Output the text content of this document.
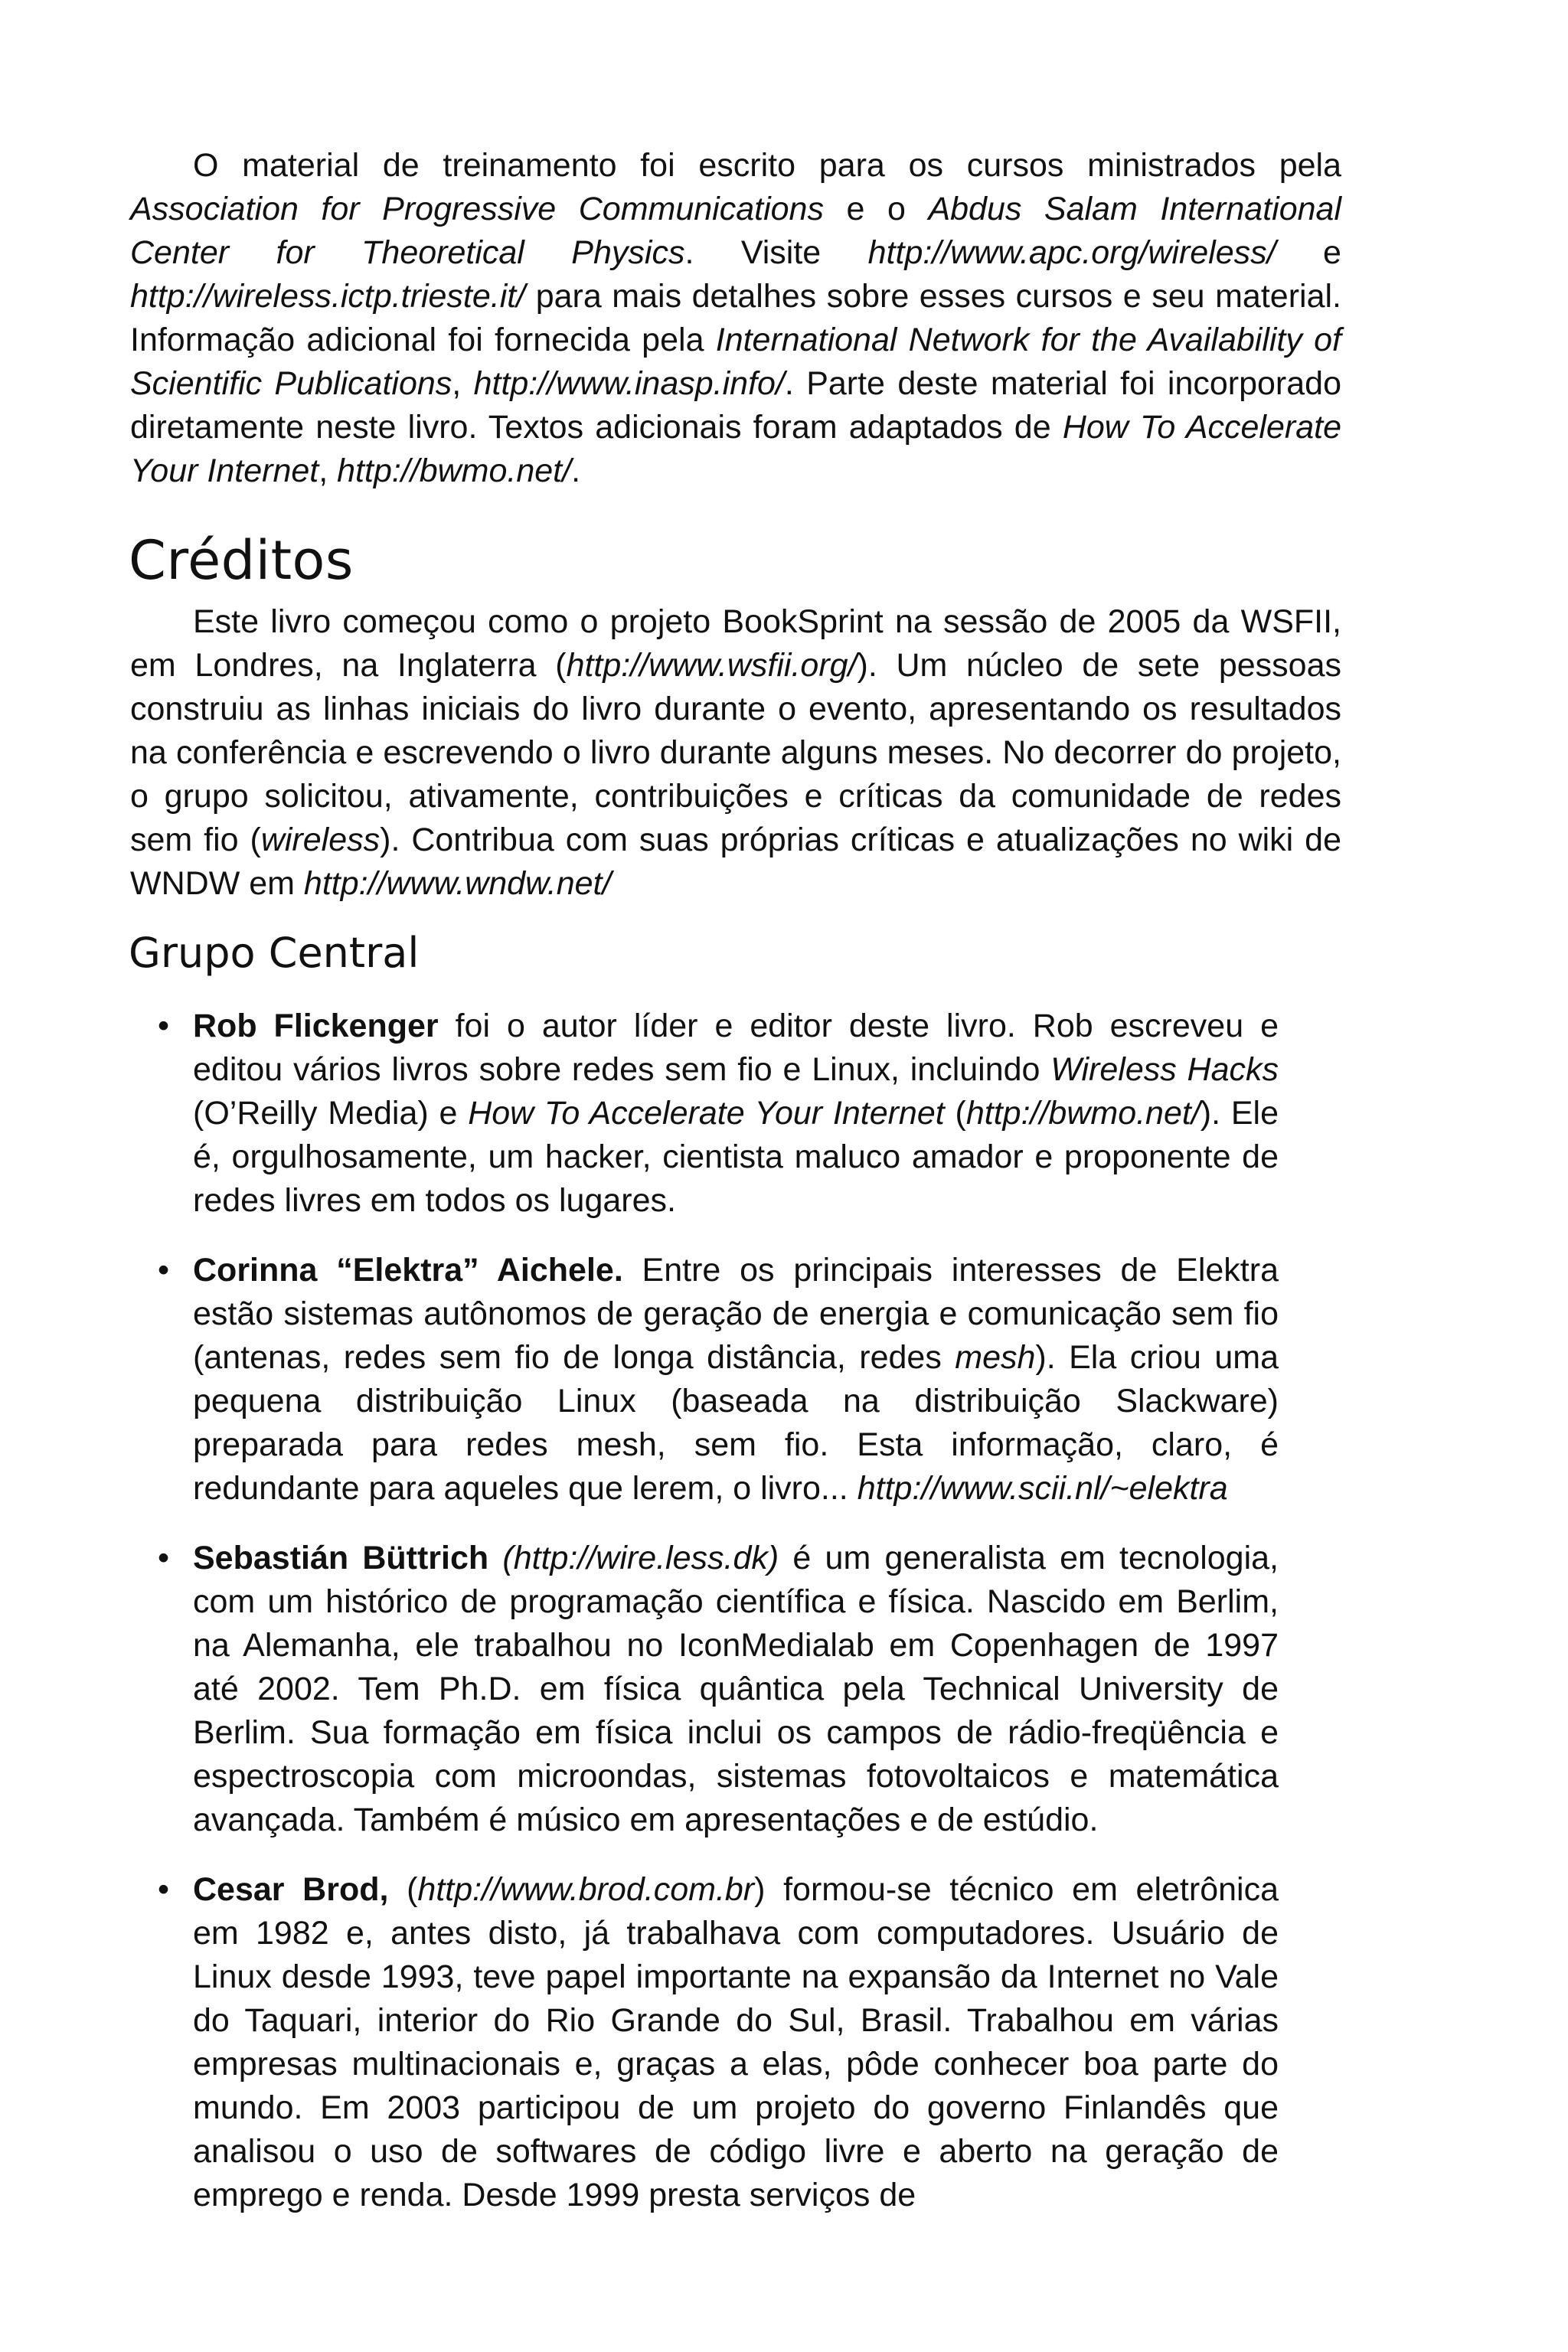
O material de treinamento foi escrito para os cursos ministrados pela Association for Progressive Communications e o Abdus Salam International Center for Theoretical Physics. Visite http://www.apc.org/wireless/ e http://wireless.ictp.trieste.it/ para mais detalhes sobre esses cursos e seu material. Informação adicional foi fornecida pela International Network for the Availability of Scientific Publications, http://www.inasp.info/. Parte deste material foi incorporado diretamente neste livro. Textos adicionais foram adaptados de How To Accelerate Your Internet, http://bwmo.net/.

Créditos

Este livro começou como o projeto BookSprint na sessão de 2005 da WSFII, em Londres, na Inglaterra (http://www.wsfii.org/). Um núcleo de sete pessoas construiu as linhas iniciais do livro durante o evento, apresentando os resultados na conferência e escrevendo o livro durante alguns meses. No decorrer do projeto, o grupo solicitou, ativamente, contribuições e críticas da comunidade de redes sem fio (wireless). Contribua com suas próprias críticas e atualizações no wiki de WNDW em http://www.wndw.net/

Grupo Central
• Rob Flickenger foi o autor líder e editor deste livro. Rob escreveu e editou vários livros sobre redes sem fio e Linux, incluindo Wireless Hacks (O’Reilly Media) e How To Accelerate Your Internet (http://bwmo.net/). Ele é, orgulhosamente, um hacker, cientista maluco amador e proponente de redes livres em todos os lugares.

• Corinna “Elektra” Aichele. Entre os principais interesses de Elektra estão sistemas autônomos de geração de energia e comunicação sem fio (antenas, redes sem fio de longa distância, redes mesh). Ela criou uma pequena distribuição Linux (baseada na distribuição Slackware) preparada para redes mesh, sem fio. Esta informação, claro, é redundante para aqueles que lerem, o livro... http://www.scii.nl/~elektra

• Sebastián Büttrich (http://wire.less.dk) é um generalista em tecnologia, com um histórico de programação científica e física. Nascido em Berlim, na Alemanha, ele trabalhou no IconMedialab em Copenhagen de 1997 até 2002. Tem Ph.D. em física quântica pela Technical University de Berlim. Sua formação em física inclui os campos de rádio-freqüência e espectroscopia com microondas, sistemas fotovoltaicos e matemática avançada. Também é músico em apresentações e de estúdio.

• Cesar Brod, (http://www.brod.com.br) formou-se técnico em eletrônica em 1982 e, antes disto, já trabalhava com computadores. Usuário de Linux desde 1993, teve papel importante na expansão da Internet no Vale do Taquari, interior do Rio Grande do Sul, Brasil. Trabalhou em várias empresas multinacionais e, graças a elas, pôde conhecer boa parte do mundo. Em 2003 participou de um projeto do governo Finlandês que analisou o uso de softwares de código livre e aberto na geração de emprego e renda. Desde 1999 presta serviços de
